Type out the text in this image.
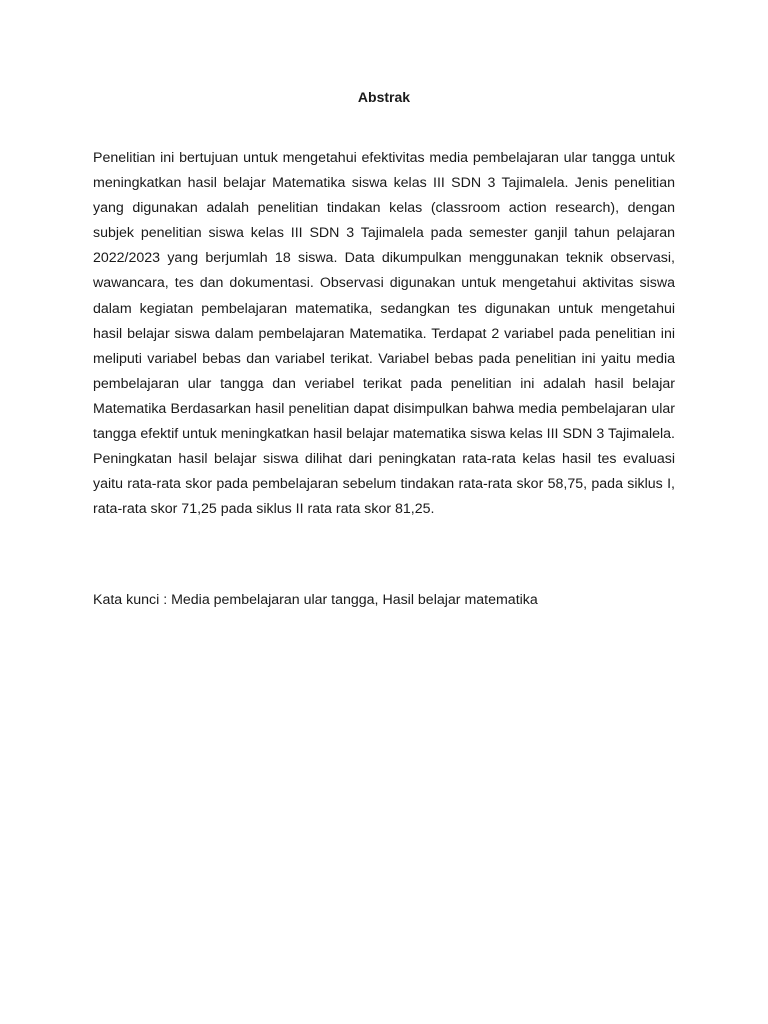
Abstrak

Penelitian ini bertujuan untuk mengetahui efektivitas media pembelajaran ular tangga untuk meningkatkan hasil belajar Matematika siswa kelas III SDN 3 Tajimalela. Jenis penelitian yang digunakan adalah penelitian tindakan kelas (classroom action research), dengan subjek penelitian siswa kelas III SDN 3 Tajimalela pada semester ganjil tahun pelajaran 2022/2023 yang berjumlah 18 siswa. Data dikumpulkan menggunakan teknik observasi, wawancara, tes dan dokumentasi. Observasi digunakan untuk mengetahui aktivitas siswa dalam kegiatan pembelajaran matematika, sedangkan tes digunakan untuk mengetahui hasil belajar siswa dalam pembelajaran Matematika. Terdapat 2 variabel pada penelitian ini meliputi variabel bebas dan variabel terikat. Variabel bebas pada penelitian ini yaitu media pembelajaran ular tangga dan veriabel terikat pada penelitian ini adalah hasil belajar Matematika Berdasarkan hasil penelitian dapat disimpulkan bahwa media pembelajaran ular tangga efektif untuk meningkatkan hasil belajar matematika siswa kelas III SDN 3 Tajimalela. Peningkatan hasil belajar siswa dilihat dari peningkatan rata-rata kelas hasil tes evaluasi yaitu rata-rata skor pada pembelajaran sebelum tindakan rata-rata skor 58,75, pada siklus I, rata-rata skor 71,25 pada siklus II rata rata skor 81,25.

Kata kunci : Media pembelajaran ular tangga, Hasil belajar matematika
